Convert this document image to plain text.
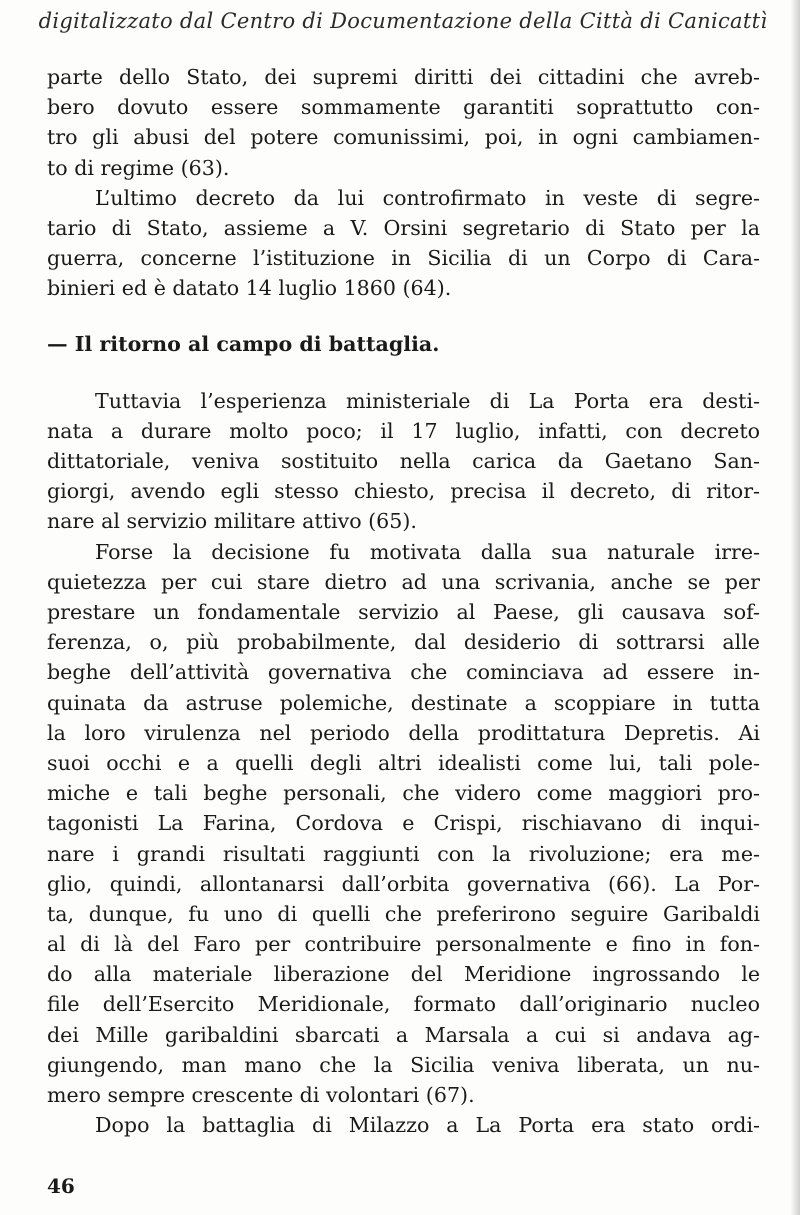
digitalizzato dal Centro di Documentazione della Città di Canicattì
parte dello Stato, dei supremi diritti dei cittadini che avreb-
bero dovuto essere sommamente garantiti soprattutto con-
tro gli abusi del potere comunissimi, poi, in ogni cambiamen-
to di regime (63).
L’ultimo decreto da lui controfirmato in veste di segre-
tario di Stato, assieme a V. Orsini segretario di Stato per la
guerra, concerne l’istituzione in Sicilia di un Corpo di Cara-
binieri ed è datato 14 luglio 1860 (64).
— Il ritorno al campo di battaglia.
Tuttavia l’esperienza ministeriale di La Porta era desti-
nata a durare molto poco; il 17 luglio, infatti, con decreto
dittatoriale, veniva sostituito nella carica da Gaetano San-
giorgi, avendo egli stesso chiesto, precisa il decreto, di ritor-
nare al servizio militare attivo (65).
Forse la decisione fu motivata dalla sua naturale irre-
quietezza per cui stare dietro ad una scrivania, anche se per
prestare un fondamentale servizio al Paese, gli causava sof-
ferenza, o, più probabilmente, dal desiderio di sottrarsi alle
beghe dell’attività governativa che cominciava ad essere in-
quinata da astruse polemiche, destinate a scoppiare in tutta
la loro virulenza nel periodo della prodittatura Depretis. Ai
suoi occhi e a quelli degli altri idealisti come lui, tali pole-
miche e tali beghe personali, che videro come maggiori pro-
tagonisti La Farina, Cordova e Crispi, rischiavano di inqui-
nare i grandi risultati raggiunti con la rivoluzione; era me-
glio, quindi, allontanarsi dall’orbita governativa (66). La Por-
ta, dunque, fu uno di quelli che preferirono seguire Garibaldi
al di là del Faro per contribuire personalmente e fino in fon-
do alla materiale liberazione del Meridione ingrossando le
file dell’Esercito Meridionale, formato dall’originario nucleo
dei Mille garibaldini sbarcati a Marsala a cui si andava ag-
giungendo, man mano che la Sicilia veniva liberata, un nu-
mero sempre crescente di volontari (67).
Dopo la battaglia di Milazzo a La Porta era stato ordi-
46
